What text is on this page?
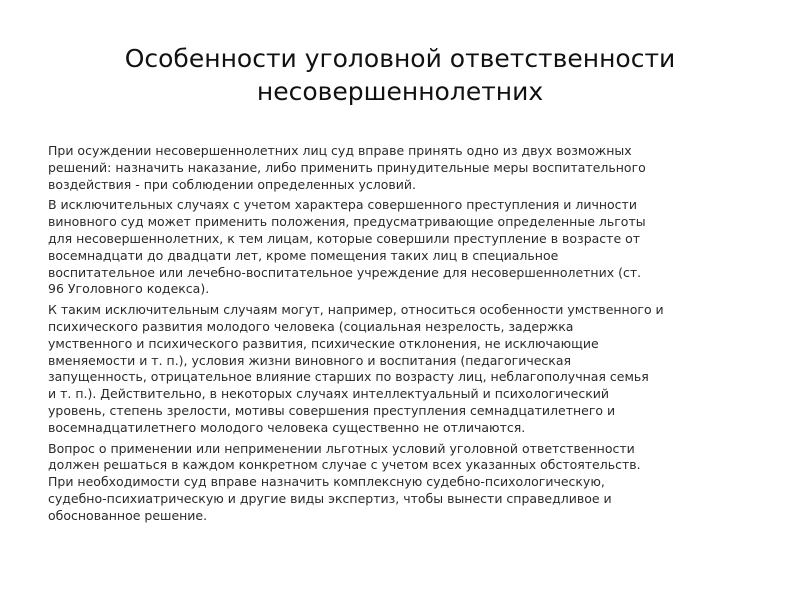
Особенности уголовной ответственности
несовершеннолетних
При осуждении несовершеннолетних лиц суд вправе принять одно из двух возможных
решений: назначить наказание, либо применить принудительные меры воспитательного
воздействия - при соблюдении определенных условий.
В исключительных случаях с учетом характера совершенного преступления и личности
виновного суд может применить положения, предусматривающие определенные льготы
для несовершеннолетних, к тем лицам, которые совершили преступление в возрасте от
восемнадцати до двадцати лет, кроме помещения таких лиц в специальное
воспитательное или лечебно-воспитательное учреждение для несовершеннолетних (ст.
96 Уголовного кодекса).
К таким исключительным случаям могут, например, относиться особенности умственного и
психического развития молодого человека (социальная незрелость, задержка
умственного и психического развития, психические отклонения, не исключающие
вменяемости и т. п.), условия жизни виновного и воспитания (педагогическая
запущенность, отрицательное влияние старших по возрасту лиц, неблагополучная семья
и т. п.). Действительно, в некоторых случаях интеллектуальный и психологический
уровень, степень зрелости, мотивы совершения преступления семнадцатилетнего и
восемнадцатилетнего молодого человека существенно не отличаются.
Вопрос о применении или неприменении льготных условий уголовной ответственности
должен решаться в каждом конкретном случае с учетом всех указанных обстоятельств.
При необходимости суд вправе назначить комплексную судебно-психологическую,
судебно-психиатрическую и другие виды экспертиз, чтобы вынести справедливое и
обоснованное решение.
